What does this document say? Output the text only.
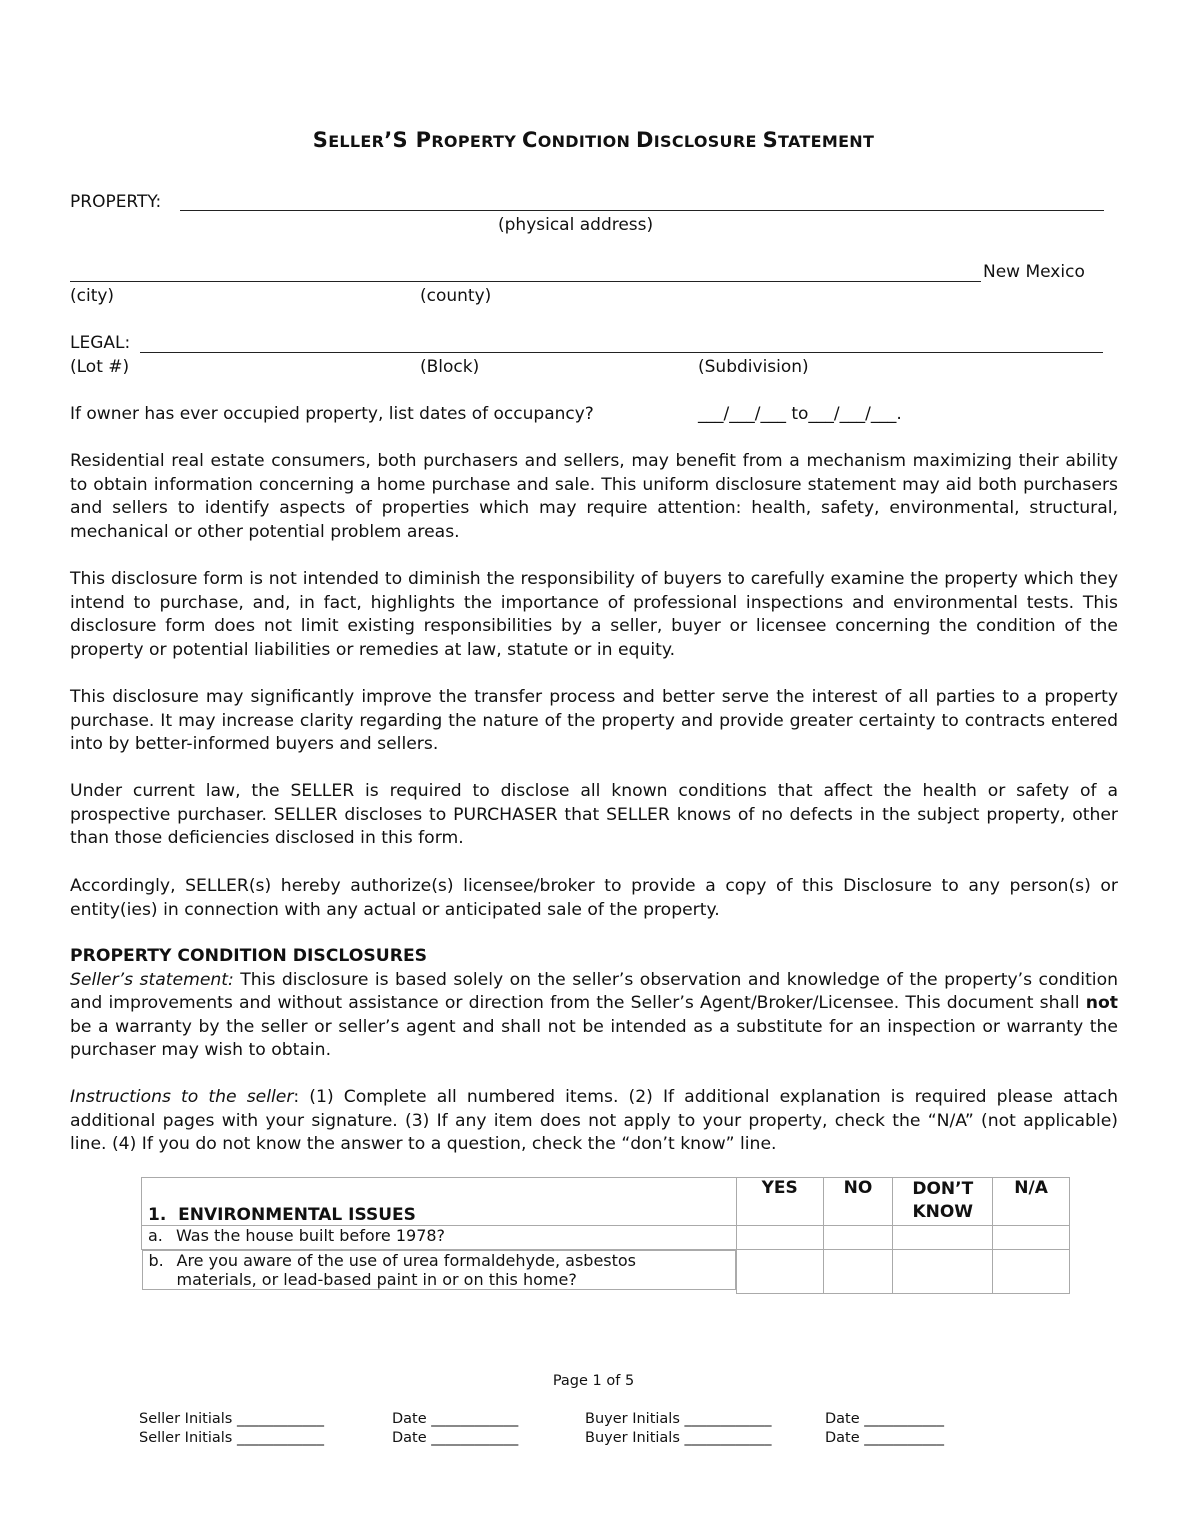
SELLER’S PROPERTY CONDITION DISCLOSURE STATEMENT
PROPERTY:
(physical address)
New Mexico
(city)	(county)
LEGAL:
(Lot #)	(Block)	(Subdivision)
If owner has ever occupied property, list dates of occupancy?	___/___/___ to___/___/___.
Residential real estate consumers, both purchasers and sellers, may benefit from a mechanism maximizing their ability to obtain information concerning a home purchase and sale. This uniform disclosure statement may aid both purchasers and sellers to identify aspects of properties which may require attention: health, safety, environmental, structural, mechanical or other potential problem areas.
This disclosure form is not intended to diminish the responsibility of buyers to carefully examine the property which they intend to purchase, and, in fact, highlights the importance of professional inspections and environmental tests. This disclosure form does not limit existing responsibilities by a seller, buyer or licensee concerning the condition of the property or potential liabilities or remedies at law, statute or in equity.
This disclosure may significantly improve the transfer process and better serve the interest of all parties to a property purchase. It may increase clarity regarding the nature of the property and provide greater certainty to contracts entered into by better-informed buyers and sellers.
Under current law, the SELLER is required to disclose all known conditions that affect the health or safety of a prospective purchaser. SELLER discloses to PURCHASER that SELLER knows of no defects in the subject property, other than those deficiencies disclosed in this form.
Accordingly, SELLER(s) hereby authorize(s) licensee/broker to provide a copy of this Disclosure to any person(s) or entity(ies) in connection with any actual or anticipated sale of the property.
PROPERTY CONDITION DISCLOSURES
Seller’s statement: This disclosure is based solely on the seller’s observation and knowledge of the property’s condition and improvements and without assistance or direction from the Seller’s Agent/Broker/Licensee. This document shall not be a warranty by the seller or seller’s agent and shall not be intended as a substitute for an inspection or warranty the purchaser may wish to obtain.
Instructions to the seller: (1) Complete all numbered items. (2) If additional explanation is required please attach additional pages with your signature. (3) If any item does not apply to your property, check the “N/A” (not applicable) line. (4) If you do not know the answer to a question, check the “don’t know” line.
1. ENVIRONMENTAL ISSUES	YES	NO	DON’T KNOW	N/A
a. Was the house built before 1978?				

b. Are you aware of the use of urea formaldehyde, asbestos materials, or lead-based paint in or on this home?

Page 1 of 5
Seller Initials ____________	Date ____________	Buyer Initials ____________	Date ___________
Seller Initials ____________	Date ____________	Buyer Initials ____________	Date ___________
